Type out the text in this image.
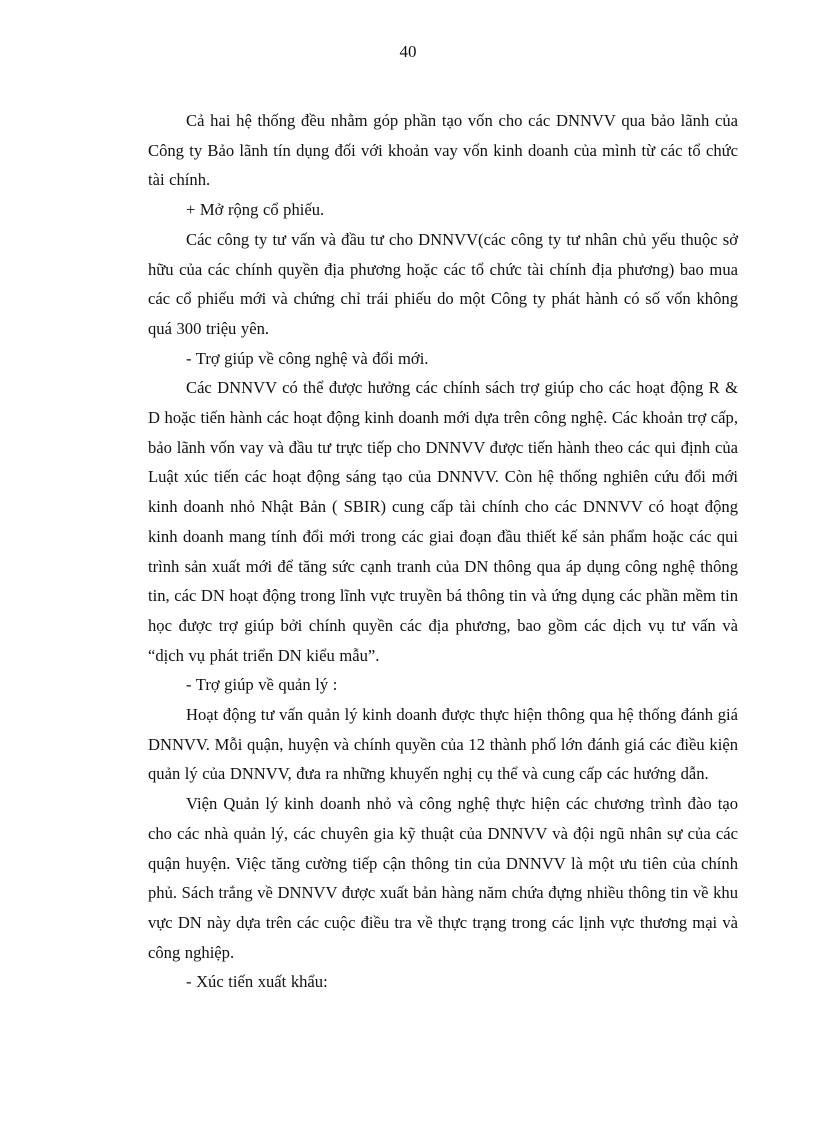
40

Cả hai hệ thống đều nhằm góp phần tạo vốn cho các DNNVV qua bảo lãnh của Công ty Bảo lãnh tín dụng đối với khoản vay vốn kinh doanh của mình từ các tổ chức tài chính.

+ Mở rộng cổ phiếu.

Các công ty tư vấn và đầu tư cho DNNVV(các công ty tư nhân chủ yếu thuộc sở hữu của các chính quyền địa phương hoặc các tổ chức tài chính địa phương) bao mua các cổ phiếu mới và chứng chỉ trái phiếu do một Công ty phát hành có số vốn không quá 300 triệu yên.

- Trợ giúp về công nghệ và đổi mới.

Các DNNVV có thể được hưởng các chính sách trợ giúp cho các hoạt động R & D hoặc tiến hành các hoạt động kinh doanh mới dựa trên công nghệ. Các khoản trợ cấp, bảo lãnh vốn vay và đầu tư trực tiếp cho DNNVV được tiến hành theo các qui định của Luật xúc tiến các hoạt động sáng tạo của DNNVV. Còn hệ thống nghiên cứu đổi mới kinh doanh nhỏ Nhật Bản ( SBIR) cung cấp tài chính cho các DNNVV có hoạt động kinh doanh mang tính đổi mới trong các giai đoạn đầu thiết kế sản phẩm hoặc các qui trình sản xuất mới để tăng sức cạnh tranh của DN thông qua áp dụng công nghệ thông tin, các DN hoạt động trong lĩnh vực truyền bá thông tin và ứng dụng các phần mềm tin học được trợ giúp bởi chính quyền các địa phương, bao gồm các dịch vụ tư vấn và “dịch vụ phát triển DN kiểu mẫu”.

- Trợ giúp về quản lý :

Hoạt động tư vấn quản lý kinh doanh được thực hiện thông qua hệ thống đánh giá DNNVV. Mỗi quận, huyện và chính quyền của 12 thành phố lớn đánh giá các điều kiện quản lý của DNNVV, đưa ra những khuyến nghị cụ thể và cung cấp các hướng dẫn.

Viện Quản lý kinh doanh nhỏ và công nghệ thực hiện các chương trình đào tạo cho các nhà quản lý, các chuyên gia kỹ thuật của DNNVV và đội ngũ nhân sự của các quận huyện. Việc tăng cường tiếp cận thông tin của DNNVV là một ưu tiên của chính phủ. Sách trắng về DNNVV được xuất bản hàng năm chứa đựng nhiều thông tin về khu vực DN này dựa trên các cuộc điều tra về thực trạng trong các lịnh vực thương mại và công nghiệp.

- Xúc tiến xuất khẩu:
